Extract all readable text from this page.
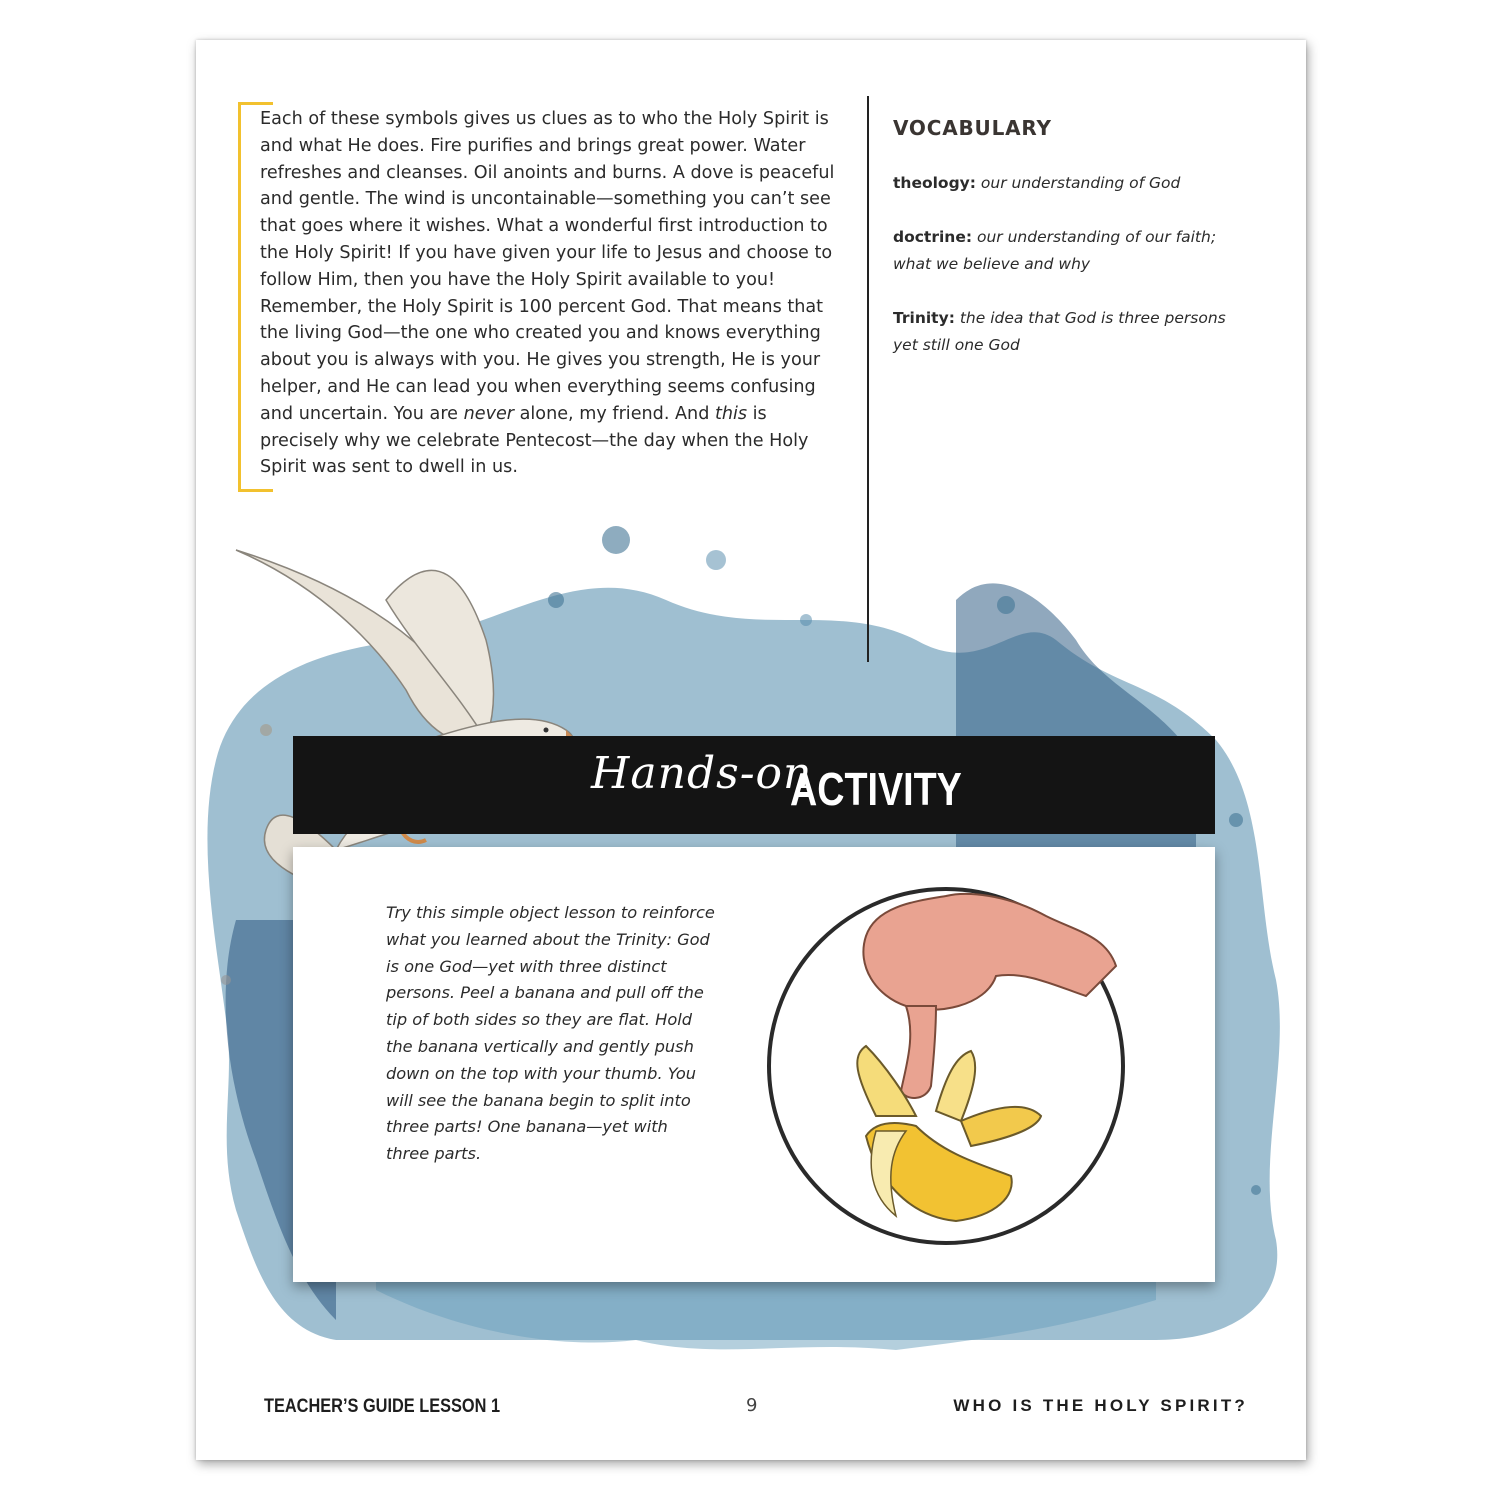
Each of these symbols gives us clues as to who the Holy Spirit is and what He does. Fire purifies and brings great power. Water refreshes and cleanses. Oil anoints and burns. A dove is peaceful and gentle. The wind is uncontainable—something you can’t see that goes where it wishes. What a wonderful first introduction to the Holy Spirit! If you have given your life to Jesus and choose to follow Him, then you have the Holy Spirit available to you! Remember, the Holy Spirit is 100 percent God. That means that the living God—the one who created you and knows everything about you is always with you. He gives you strength, He is your helper, and He can lead you when everything seems confusing and uncertain. You are never alone, my friend. And this is precisely why we celebrate Pentecost—the day when the Holy Spirit was sent to dwell in us.

VOCABULARY

theology: our understanding of God

doctrine: our understanding of our faith; what we believe and why

Trinity: the idea that God is three persons yet still one God

Hands-on
ACTIVITY

Try this simple object lesson to reinforce what you learned about the Trinity: God is one God—yet with three distinct persons. Peel a banana and pull off the tip of both sides so they are flat. Hold the banana vertically and gently push down on the top with your thumb. You will see the banana begin to split into three parts! One banana—yet with three parts.

TEACHER’S GUIDE LESSON 1	9	WHO IS THE HOLY SPIRIT?
